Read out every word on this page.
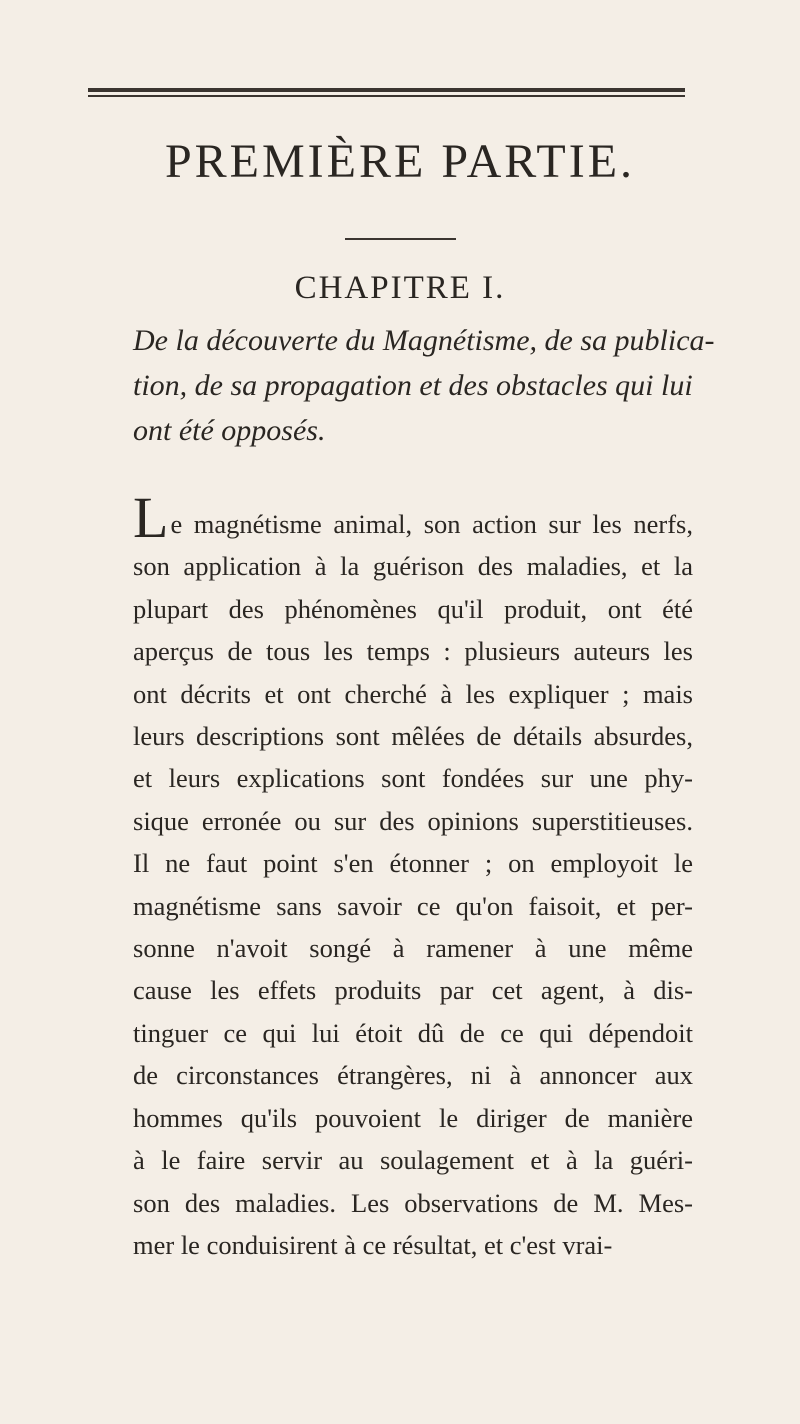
PREMIÈRE PARTIE.
CHAPITRE I.
De la découverte du Magnétisme, de sa publica-
tion, de sa propagation et des obstacles qui lui
ont été opposés.
Le magnétisme animal, son action sur les nerfs,
son application à la guérison des maladies, et la
plupart des phénomènes qu'il produit, ont été
aperçus de tous les temps : plusieurs auteurs les
ont décrits et ont cherché à les expliquer ; mais
leurs descriptions sont mêlées de détails absurdes,
et leurs explications sont fondées sur une phy-
sique erronée ou sur des opinions superstitieuses.
Il ne faut point s'en étonner ; on employoit le
magnétisme sans savoir ce qu'on faisoit, et per-
sonne n'avoit songé à ramener à une même
cause les effets produits par cet agent, à dis-
tinguer ce qui lui étoit dû de ce qui dépendoit
de circonstances étrangères, ni à annoncer aux
hommes qu'ils pouvoient le diriger de manière
à le faire servir au soulagement et à la guéri-
son des maladies. Les observations de M. Mes-
mer le conduisirent à ce résultat, et c'est vrai-
